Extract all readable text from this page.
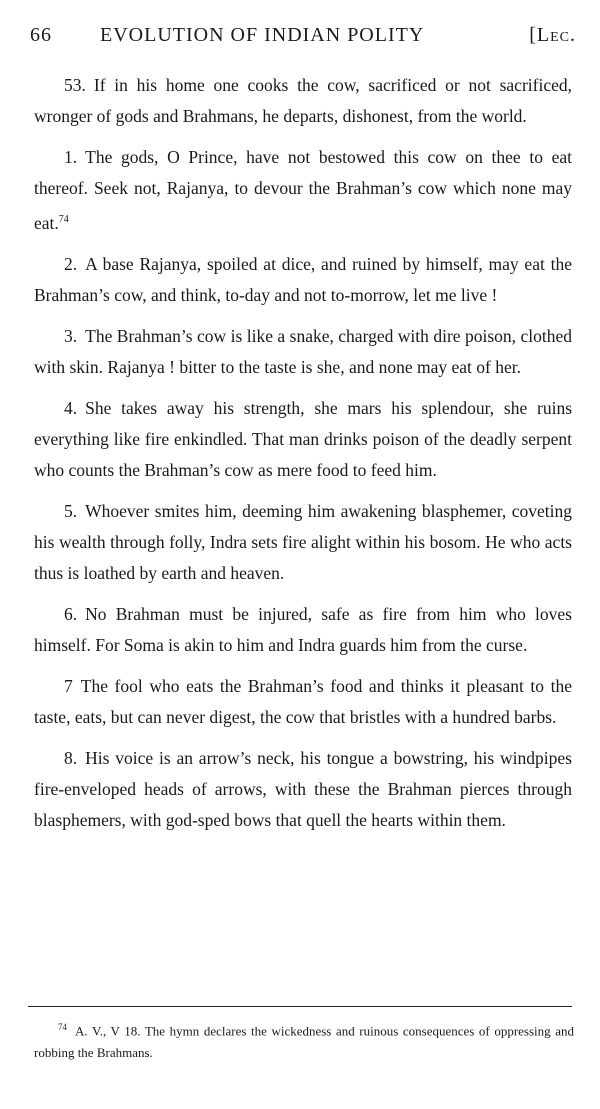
66 EVOLUTION OF INDIAN POLITY	[Lec.

53. If in his home one cooks the cow, sacrificed or not sacrificed, wronger of gods and Brahmans, he departs, dishonest, from the world.

1. The gods, O Prince, have not bestowed this cow on thee to eat thereof. Seek not, Rajanya, to devour the Brahman’s cow which none may eat.$^{74}$

2. A base Rajanya, spoiled at dice, and ruined by himself, may eat the Brahman’s cow, and think, to-day and not to-morrow, let me live !

3. The Brahman’s cow is like a snake, charged with dire poison, clothed with skin. Rajanya ! bitter to the taste is she, and none may eat of her.

4. She takes away his strength, she mars his splendour, she ruins everything like fire enkindled. That man drinks poison of the deadly serpent who counts the Brahman’s cow as mere food to feed him.

5. Whoever smites him, deeming him awakening blasphemer, coveting his wealth through folly, Indra sets fire alight within his bosom. He who acts thus is loathed by earth and heaven.

6. No Brahman must be injured, safe as fire from him who loves himself. For Soma is akin to him and Indra guards him from the curse.

7 The fool who eats the Brahman’s food and thinks it pleasant to the taste, eats, but can never digest, the cow that bristles with a hundred barbs.

8. His voice is an arrow’s neck, his tongue a bowstring, his windpipes fire-enveloped heads of arrows, with these the Brahman pierces through blasphemers, with god-sped bows that quell the hearts within them.

$^{74}$ A. V., V 18. The hymn declares the wickedness and ruinous consequences of oppressing and robbing the Brahmans.
